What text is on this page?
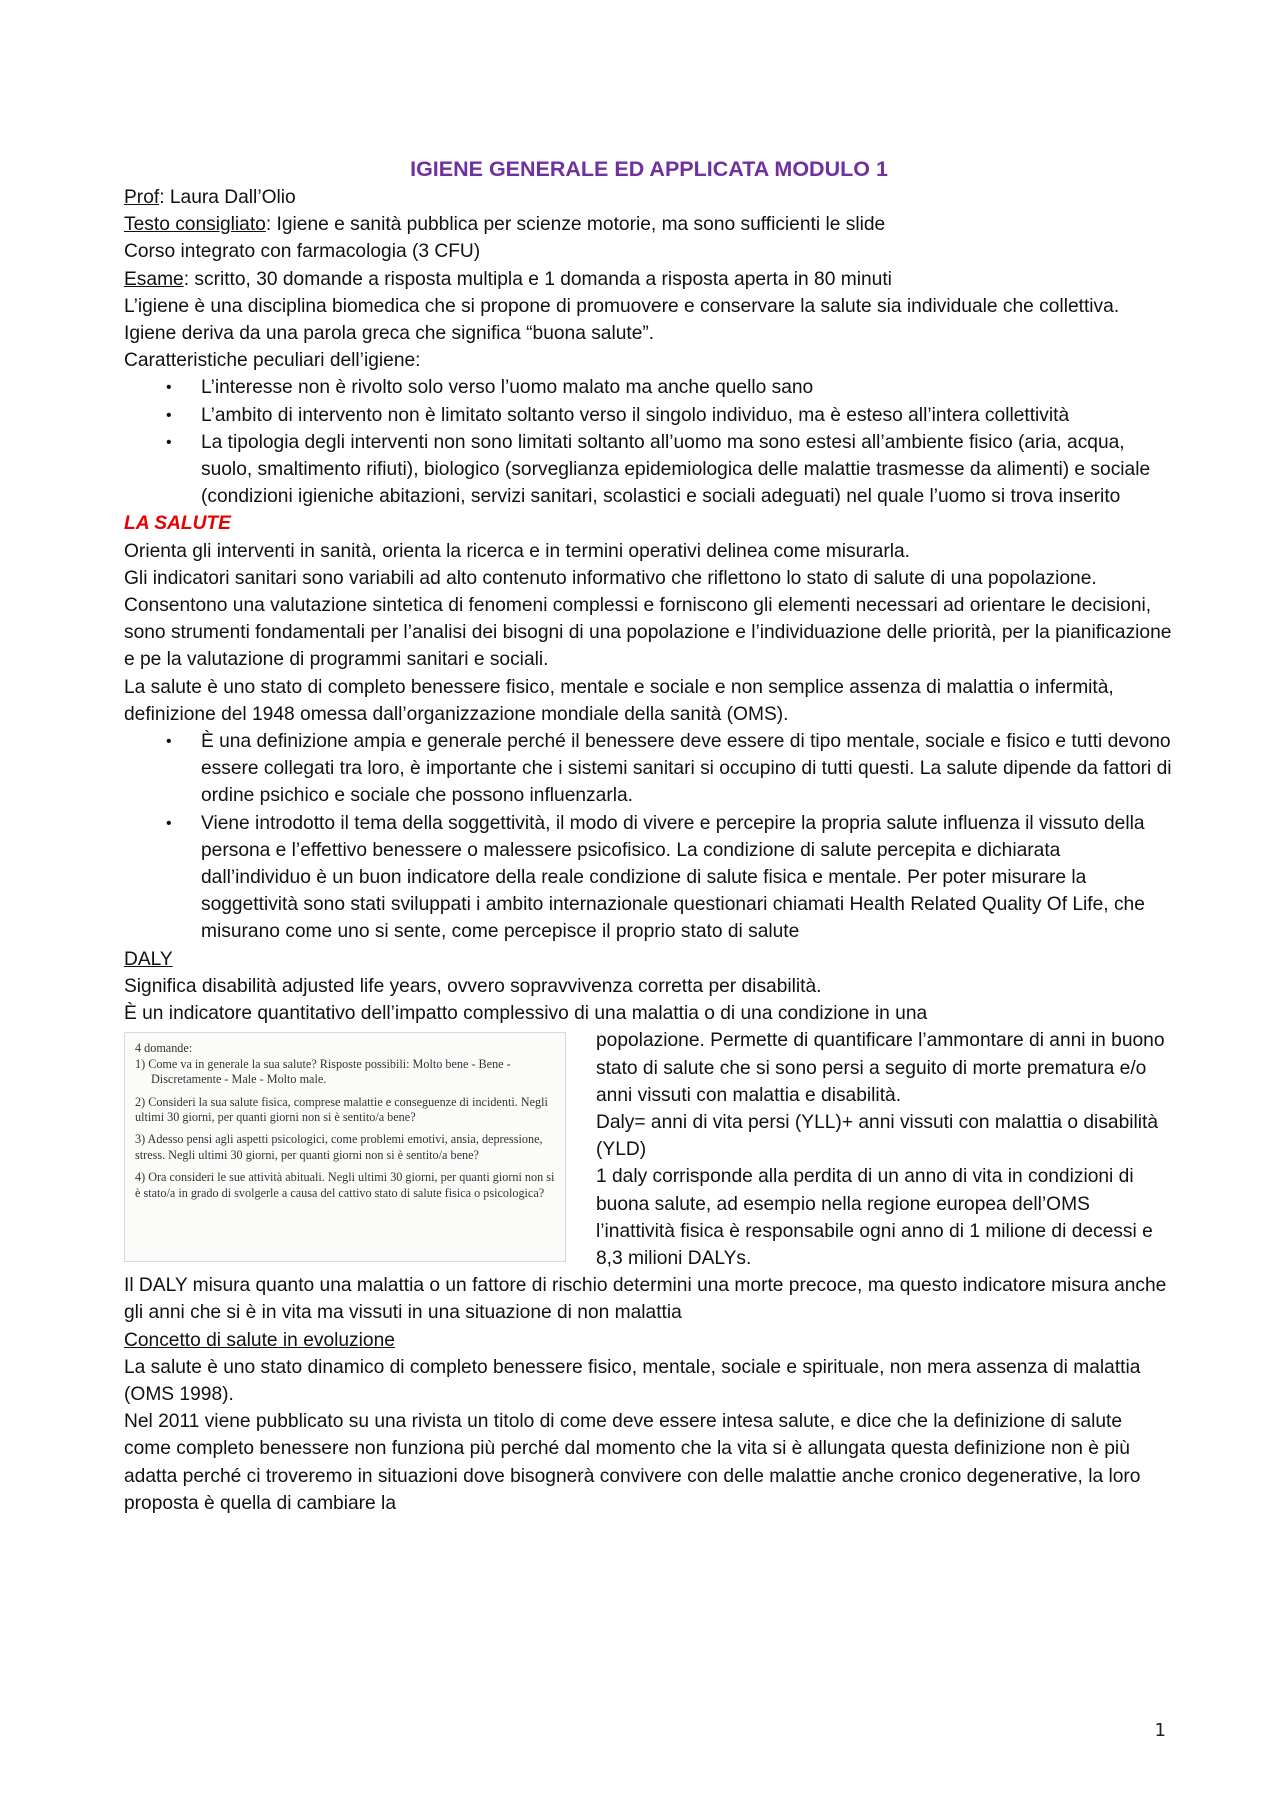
IGIENE GENERALE ED APPLICATA MODULO 1

Prof: Laura Dall’Olio

Testo consigliato: Igiene e sanità pubblica per scienze motorie, ma sono sufficienti le slide

Corso integrato con farmacologia (3 CFU)

Esame: scritto, 30 domande a risposta multipla e 1 domanda a risposta aperta in 80 minuti

L’igiene è una disciplina biomedica che si propone di promuovere e conservare la salute sia individuale che collettiva.

Igiene deriva da una parola greca che significa “buona salute”.

Caratteristiche peculiari dell’igiene:

• L’interesse non è rivolto solo verso l’uomo malato ma anche quello sano
• L’ambito di intervento non è limitato soltanto verso il singolo individuo, ma è esteso all’intera collettività
• La tipologia degli interventi non sono limitati soltanto all’uomo ma sono estesi all’ambiente fisico (aria, acqua, suolo, smaltimento rifiuti), biologico (sorveglianza epidemiologica delle malattie trasmesse da alimenti) e sociale (condizioni igieniche abitazioni, servizi sanitari, scolastici e sociali adeguati) nel quale l’uomo si trova inserito

LA SALUTE

Orienta gli interventi in sanità, orienta la ricerca e in termini operativi delinea come misurarla.

Gli indicatori sanitari sono variabili ad alto contenuto informativo che riflettono lo stato di salute di una popolazione. Consentono una valutazione sintetica di fenomeni complessi e forniscono gli elementi necessari ad orientare le decisioni, sono strumenti fondamentali per l’analisi dei bisogni di una popolazione e l’individuazione delle priorità, per la pianificazione e pe la valutazione di programmi sanitari e sociali.

La salute è uno stato di completo benessere fisico, mentale e sociale e non semplice assenza di malattia o infermità, definizione del 1948 omessa dall’organizzazione mondiale della sanità (OMS).

• È una definizione ampia e generale perché il benessere deve essere di tipo mentale, sociale e fisico e tutti devono essere collegati tra loro, è importante che i sistemi sanitari si occupino di tutti questi. La salute dipende da fattori di ordine psichico e sociale che possono influenzarla.
• Viene introdotto il tema della soggettività, il modo di vivere e percepire la propria salute influenza il vissuto della persona e l’effettivo benessere o malessere psicofisico. La condizione di salute percepita e dichiarata dall’individuo è un buon indicatore della reale condizione di salute fisica e mentale. Per poter misurare la soggettività sono stati sviluppati i ambito internazionale questionari chiamati Health Related Quality Of Life, che misurano come uno si sente, come percepisce il proprio stato di salute

DALY

Significa disabilità adjusted life years, ovvero sopravvivenza corretta per disabilità.

È un indicatore quantitativo dell’impatto complessivo di una malattia o di una condizione in una

4 domande:

1) Come va in generale la sua salute? Risposte possibili: Molto bene - Bene - Discretamente - Male - Molto male.

2) Consideri la sua salute fisica, comprese malattie e conseguenze di incidenti. Negli ultimi 30 giorni, per quanti giorni non si è sentito/a bene?

3) Adesso pensi agli aspetti psicologici, come problemi emotivi, ansia, depressione, stress. Negli ultimi 30 giorni, per quanti giorni non si è sentito/a bene?

4) Ora consideri le sue attività abituali. Negli ultimi 30 giorni, per quanti giorni non si è stato/a in grado di svolgerle a causa del cattivo stato di salute fisica o psicologica?

popolazione. Permette di quantificare l’ammontare di anni in buono stato di salute che si sono persi a seguito di morte prematura e/o anni vissuti con malattia e disabilità.

Daly= anni di vita persi (YLL)+ anni vissuti con malattia o disabilità (YLD)

1 daly corrisponde alla perdita di un anno di vita in condizioni di buona salute, ad esempio nella regione europea dell’OMS l’inattività fisica è responsabile ogni anno di 1 milione di decessi e 8,3 milioni DALYs.

Il DALY misura quanto una malattia o un fattore di rischio determini una morte precoce, ma questo indicatore misura anche gli anni che si è in vita ma vissuti in una situazione di non malattia

Concetto di salute in evoluzione

La salute è uno stato dinamico di completo benessere fisico, mentale, sociale e spirituale, non mera assenza di malattia (OMS 1998).

Nel 2011 viene pubblicato su una rivista un titolo di come deve essere intesa salute, e dice che la definizione di salute come completo benessere non funziona più perché dal momento che la vita si è allungata questa definizione non è più adatta perché ci troveremo in situazioni dove bisognerà convivere con delle malattie anche cronico degenerative, la loro proposta è quella di cambiare la

1
